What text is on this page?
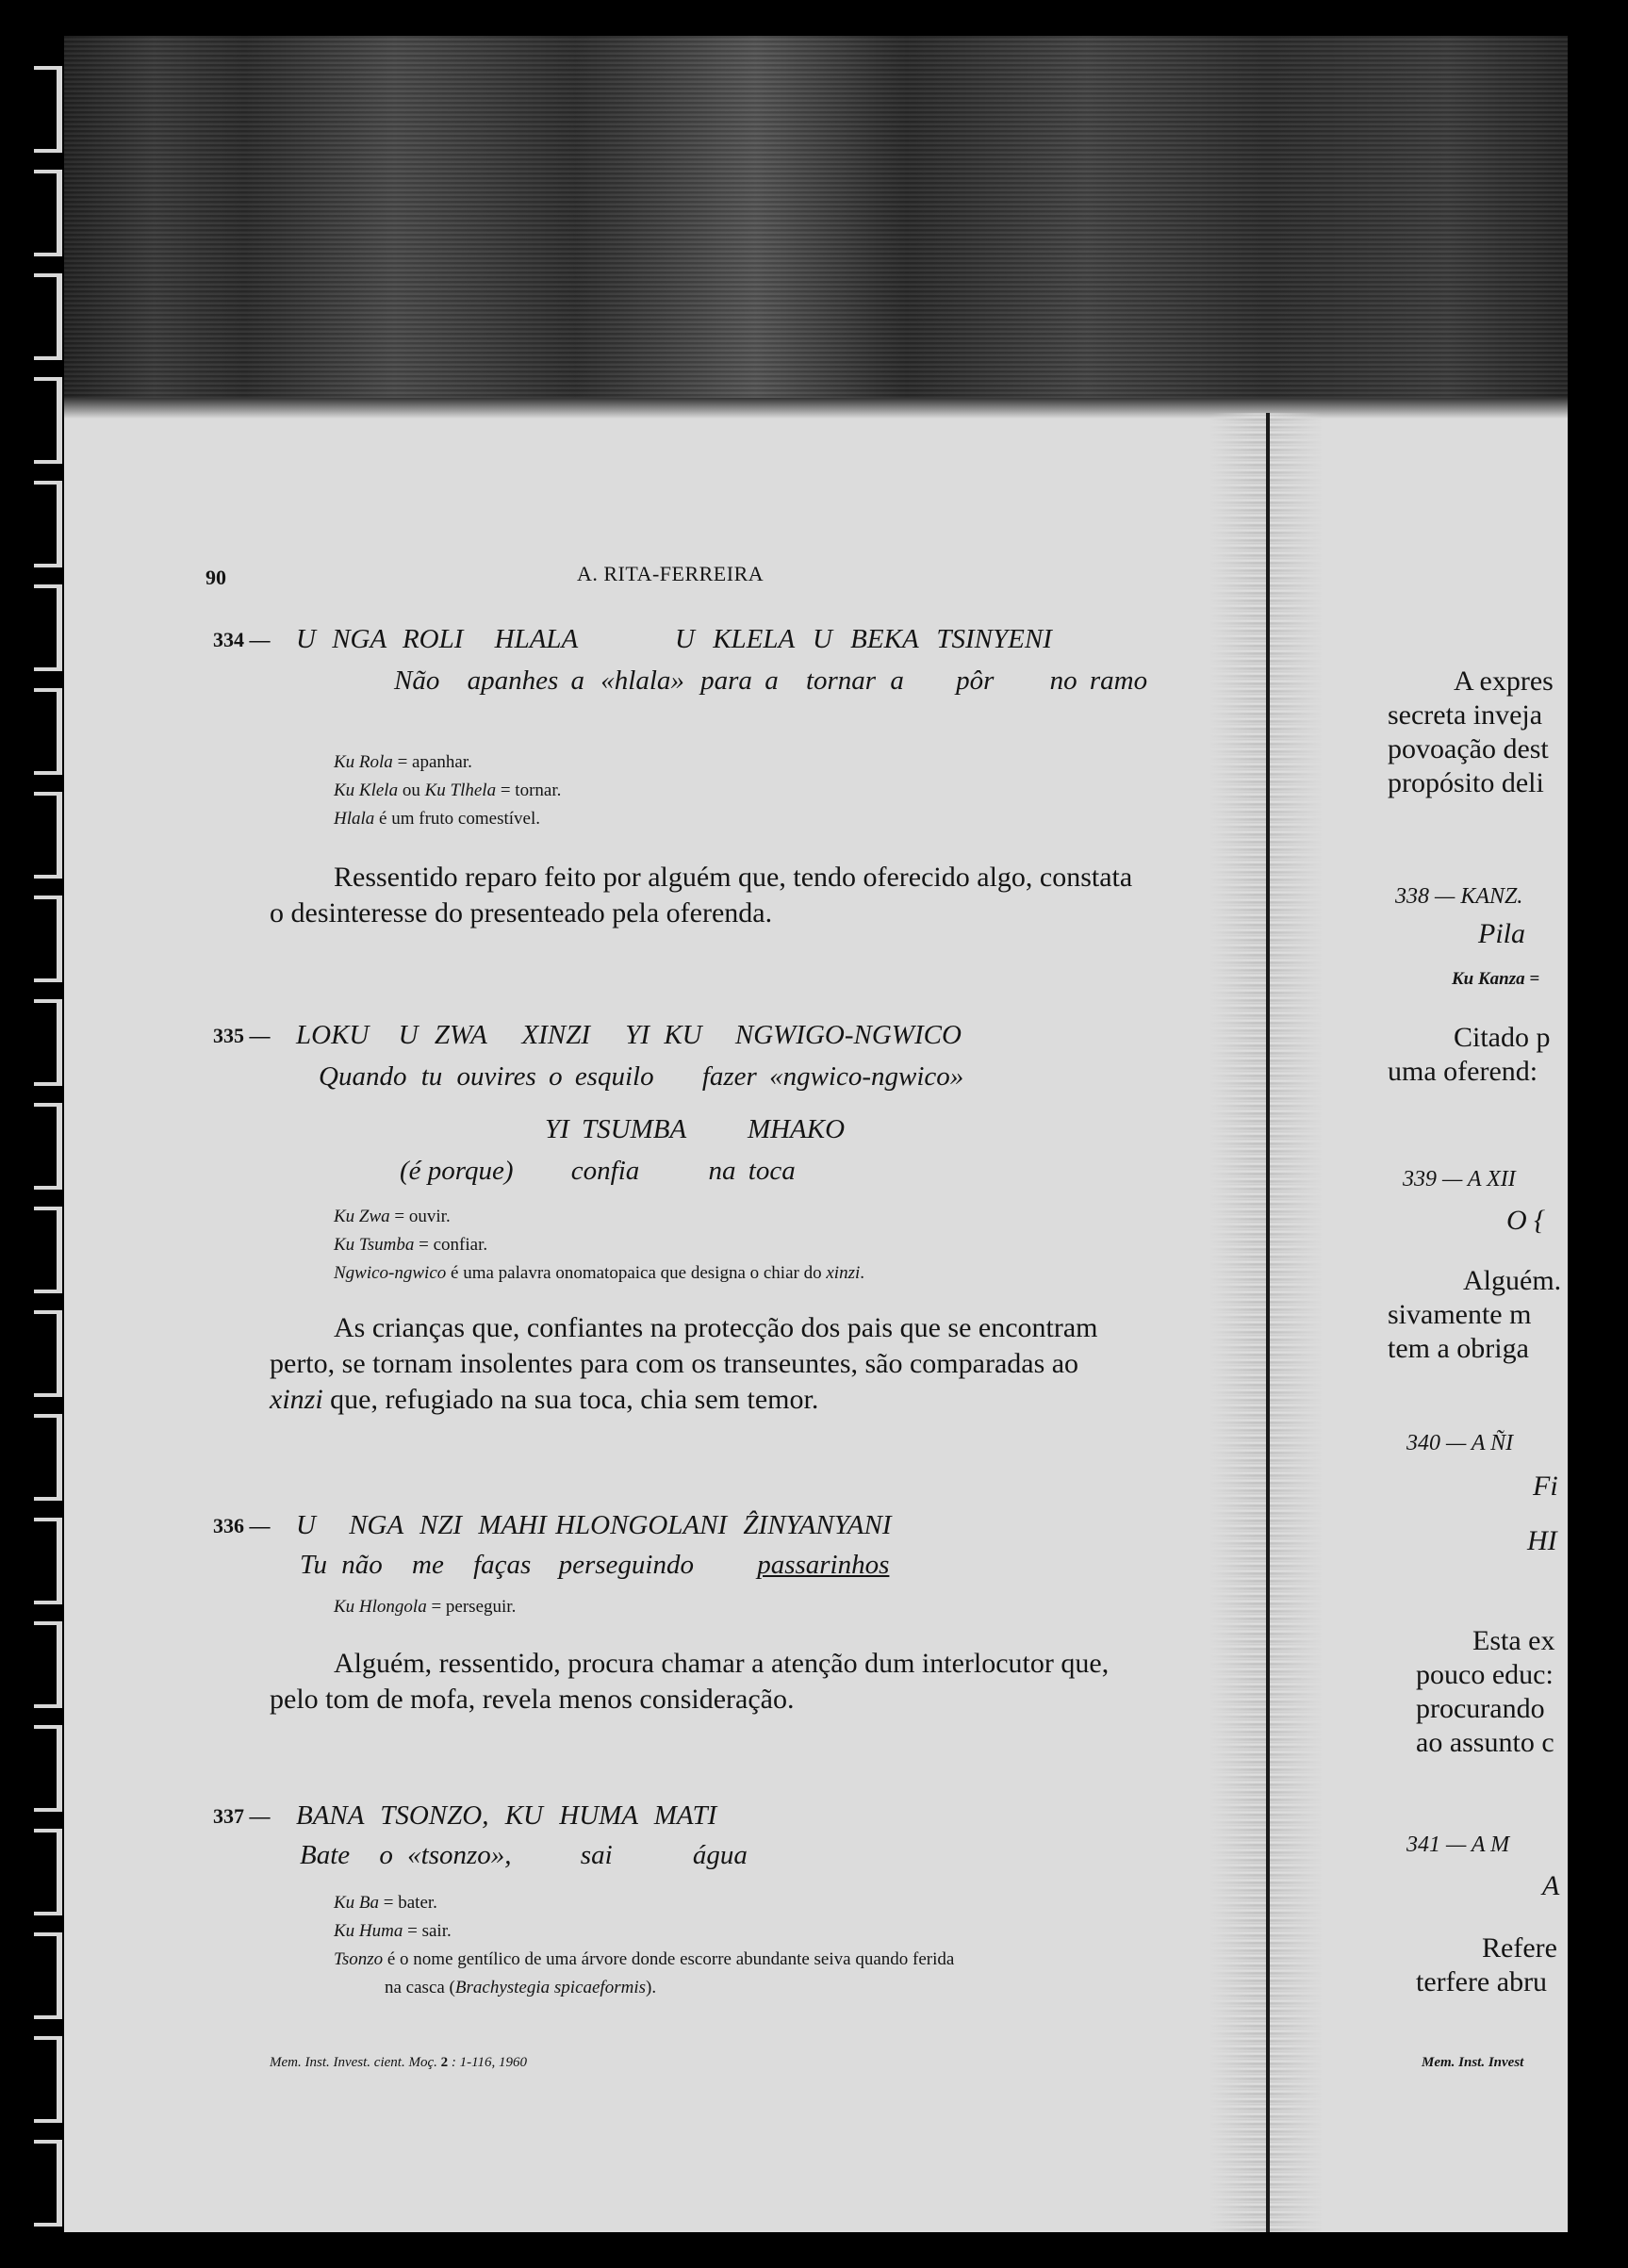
90	A. RITA-FERREIRA
334 — U NGA ROLI HLALA	U KLELA U BEKA TSINYENI
Não apanhes a «hlala» para a tornar a pôr no ramo
Ku Rola = apanhar.
Ku Klela ou Ku Tlhela = tornar.
Hlala é um fruto comestível.
Ressentido reparo feito por alguém que, tendo oferecido algo, constata
o desinteresse do presenteado pela oferenda.
335 — LOKU U ZWA XINZI YI KU NGWIGO-NGWICO
Quando tu ouvires o esquilo fazer «ngwico-ngwico»
YI TSUMBA MHAKO
(é porque) confia	na toca
Ku Zwa = ouvir.
Ku Tsumba = confiar.
Ngwico-ngwico é uma palavra onomatopaica que designa o chiar do xinzi.
As crianças que, confiantes na protecção dos pais que se encontram
perto, se tornam insolentes para com os transeuntes, são comparadas ao
xinzi que, refugiado na sua toca, chia sem temor.
336 — U NGA NZI MAHI HLONGOLANI ẐINYANYANI
Tu não me faças perseguindo passarinhos
Ku Hlongola = perseguir.
Alguém, ressentido, procura chamar a atenção dum interlocutor que,
pelo tom de mofa, revela menos consideração.
337 — BANA TSONZO, KU HUMA MATI
Bate o «tsonzo»,	sai	água
Ku Ba = bater.
Ku Huma = sair.
Tsonzo é o nome gentílico de uma árvore donde escorre abundante seiva quando ferida
na casca (Brachystegia spicaeformis).
Mem. Inst. Invest. cient. Moç. 2 : 1-116, 1960
A expres
secreta inveja
povoação dest
propósito deli
338 — KANZ.
Pila
Ku Kanza =
Citado p
uma oferend:
339 — A XII
O {
Alguém.
sivamente m
tem a obriga
340 — A ÑI
Fi
HI
Esta ex
pouco educ:
procurando
ao assunto c
341 — A M
A
Refere
terfere abru
Mem. Inst. Invest
